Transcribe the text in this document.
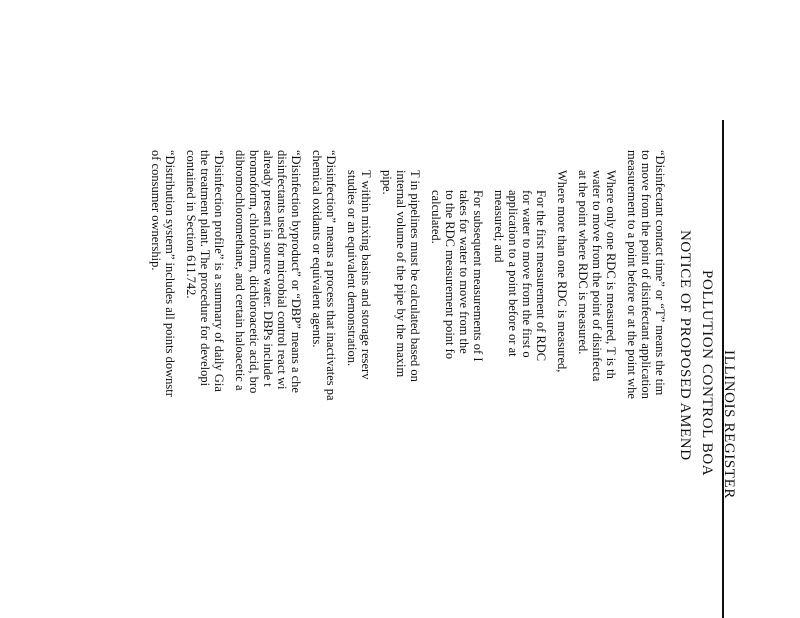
ILLINOIS REGISTER
POLLUTION CONTROL BOA
NOTICE OF PROPOSED AMEND
“Disinfectant contact time” or “T” means the tim
to move from the point of disinfectant application
measurement to a point before or at the point whe
Where only one RDC is measured, T is th
water to move from the point of disinfecta
at the point where RDC is measured.
Where more than one RDC is measured,
For the first measurement of RDC
for water to move from the first o
application to a point before or at
measured; and
For subsequent measurements of I
takes for water to move from the
to the RDC measurement point fo
calculated.
T in pipelines must be calculated based on
internal volume of the pipe by the maxim
pipe.
T within mixing basins and storage reserv
studies or an equivalent demonstration.
“Disinfection” means a process that inactivates pa
chemical oxidants or equivalent agents.
“Disinfection byproduct” or “DBP” means a che
disinfectants used for microbial control react wi
already present in source water. DBPs include t
bromoform, chloroform, dichloroacetic acid, bro
dibromochloromethane, and certain haloacetic a
“Disinfection profile” is a summary of daily Gia
the treatment plant. The procedure for developi
contained in Section 611.742.
“Distribution system” includes all points downstr
of consumer ownership.
